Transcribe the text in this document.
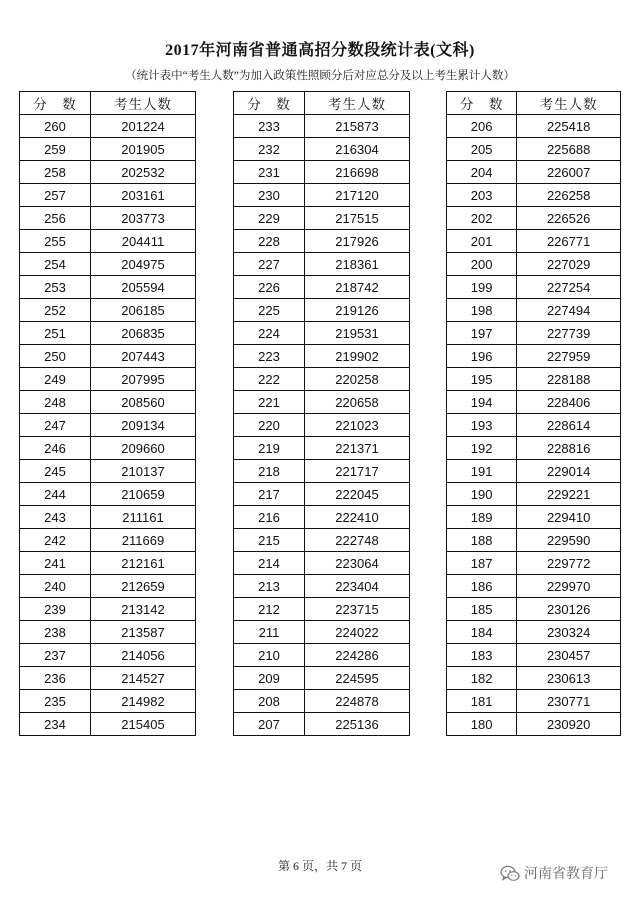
2017年河南省普通高招分数段统计表(文科)
（统计表中“考生人数”为加入政策性照顾分后对应总分及以上考生累计人数）
分　数	考生人数
260	201224
259	201905
258	202532
257	203161
256	203773
255	204411
254	204975
253	205594
252	206185
251	206835
250	207443
249	207995
248	208560
247	209134
246	209660
245	210137
244	210659
243	211161
242	211669
241	212161
240	212659
239	213142
238	213587
237	214056
236	214527
235	214982
234	215405
分　数	考生人数
233	215873
232	216304
231	216698
230	217120
229	217515
228	217926
227	218361
226	218742
225	219126
224	219531
223	219902
222	220258
221	220658
220	221023
219	221371
218	221717
217	222045
216	222410
215	222748
214	223064
213	223404
212	223715
211	224022
210	224286
209	224595
208	224878
207	225136
分　数	考生人数
206	225418
205	225688
204	226007
203	226258
202	226526
201	226771
200	227029
199	227254
198	227494
197	227739
196	227959
195	228188
194	228406
193	228614
192	228816
191	229014
190	229221
189	229410
188	229590
187	229772
186	229970
185	230126
184	230324
183	230457
182	230613
181	230771
180	230920
第 6 页，共 7 页	河南省教育厅
